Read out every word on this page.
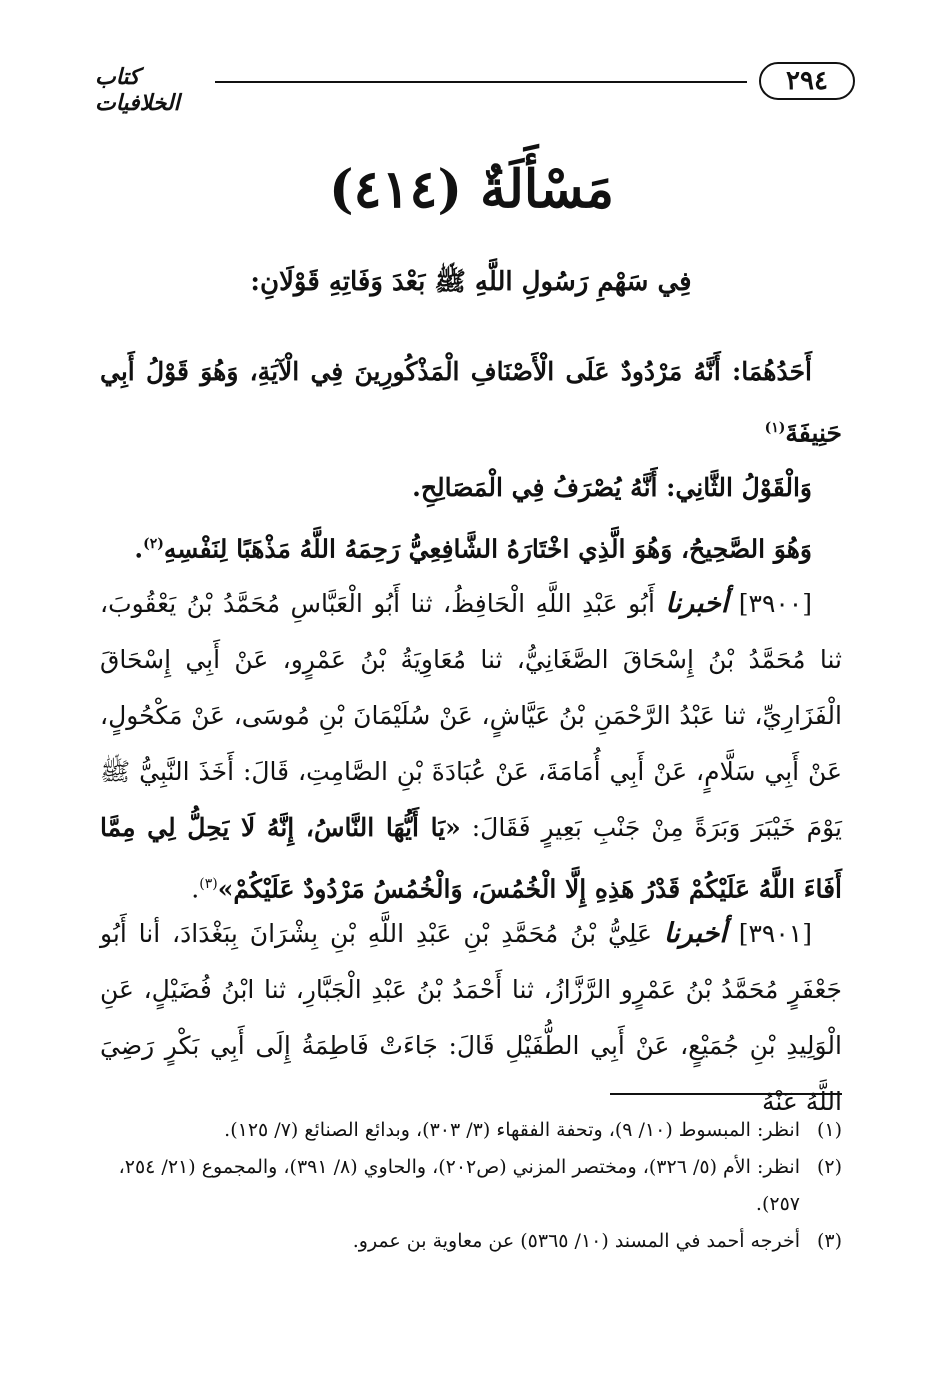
٢٩٤
كتاب الخلافيات
مَسْأَلَةٌ (٤١٤)
فِي سَهْمِ رَسُولِ اللَّهِ ﷺ بَعْدَ وَفَاتِهِ قَوْلَانِ:
أَحَدُهُمَا: أَنَّهُ مَرْدُودٌ عَلَى الْأَصْنَافِ الْمَذْكُورِينَ فِي الْآيَةِ، وَهُوَ قَوْلُ أَبِي حَنِيفَةَ$^{(١)}$
وَالْقَوْلُ الثَّانِي: أَنَّهُ يُصْرَفُ فِي الْمَصَالِحِ.
وَهُوَ الصَّحِيحُ، وَهُوَ الَّذِي اخْتَارَهُ الشَّافِعِيُّ رَحِمَهُ اللَّهُ مَذْهَبًا لِنَفْسِهِ$^{(٢)}$.
[٣٩٠٠] أخبرنا أَبُو عَبْدِ اللَّهِ الْحَافِظُ، ثنا أَبُو الْعَبَّاسِ مُحَمَّدُ بْنُ يَعْقُوبَ، ثنا مُحَمَّدُ بْنُ إِسْحَاقَ الصَّغَانِيُّ، ثنا مُعَاوِيَةُ بْنُ عَمْرٍو، عَنْ أَبِي إِسْحَاقَ الْفَزَارِيِّ، ثنا عَبْدُ الرَّحْمَنِ بْنُ عَيَّاشٍ، عَنْ سُلَيْمَانَ بْنِ مُوسَى، عَنْ مَكْحُولٍ، عَنْ أَبِي سَلَّامٍ، عَنْ أَبِي أُمَامَةَ، عَنْ عُبَادَةَ بْنِ الصَّامِتِ، قَالَ: أَخَذَ النَّبِيُّ ﷺ يَوْمَ خَيْبَرَ وَبَرَةً مِنْ جَنْبِ بَعِيرٍ فَقَالَ: «يَا أَيُّهَا النَّاسُ، إِنَّهُ لَا يَحِلُّ لِي مِمَّا أَفَاءَ اللَّهُ عَلَيْكُمْ قَدْرُ هَذِهِ إِلَّا الْخُمُسَ، وَالْخُمُسُ مَرْدُودٌ عَلَيْكُمْ»$^{(٣)}$.
[٣٩٠١] أخبرنا عَلِيُّ بْنُ مُحَمَّدِ بْنِ عَبْدِ اللَّهِ بْنِ بِشْرَانَ بِبَغْدَادَ، أنا أَبُو جَعْفَرٍ مُحَمَّدُ بْنُ عَمْرٍو الرَّزَّازُ، ثنا أَحْمَدُ بْنُ عَبْدِ الْجَبَّارِ، ثنا ابْنُ فُضَيْلٍ، عَنِ الْوَلِيدِ بْنِ جُمَيْعٍ، عَنْ أَبِي الطُّفَيْلِ قَالَ: جَاءَتْ فَاطِمَةُ إِلَى أَبِي بَكْرٍ رَضِيَ اللَّهُ عَنْهُ
(١)
انظر: المبسوط (١٠/ ٩)، وتحفة الفقهاء (٣/ ٣٠٣)، وبدائع الصنائع (٧/ ١٢٥).
(٢)
انظر: الأم (٥/ ٣٢٦)، ومختصر المزني (ص٢٠٢)، والحاوي (٨/ ٣٩١)، والمجموع (٢١/ ٢٥٤، ٢٥٧).
(٣)
أخرجه أحمد في المسند (١٠/ ٥٣٦٥) عن معاوية بن عمرو.
